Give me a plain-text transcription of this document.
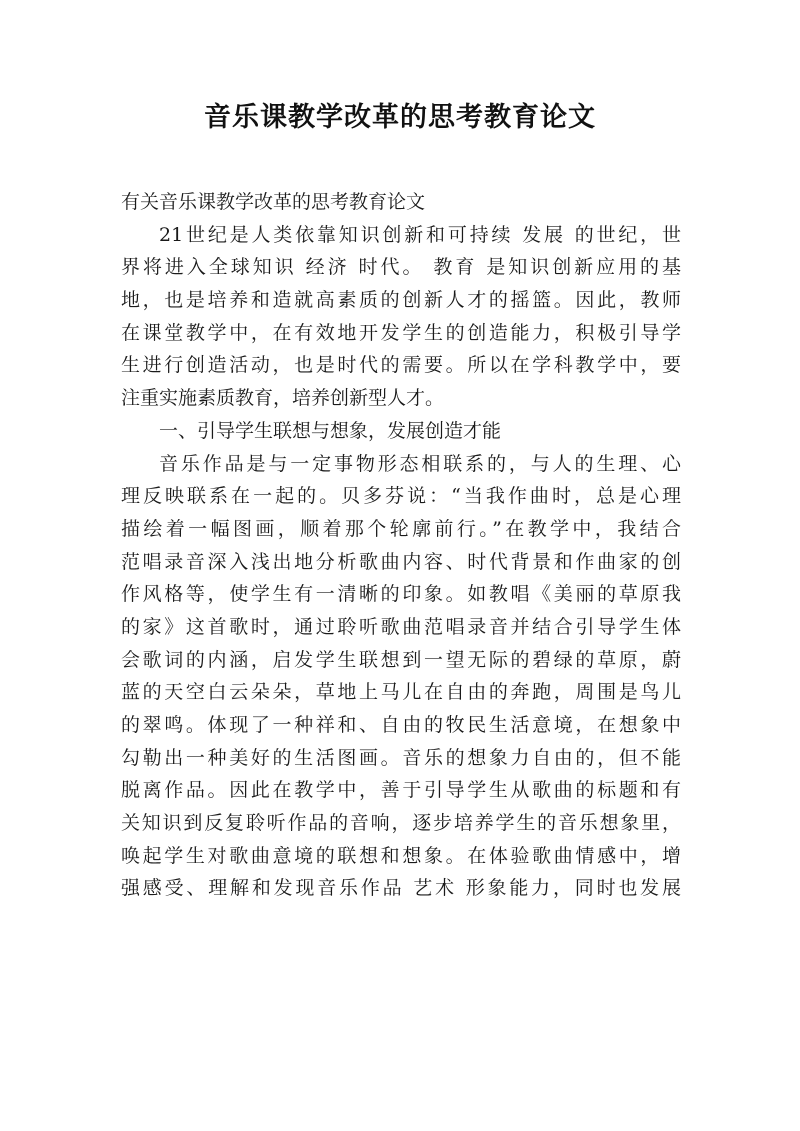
音乐课教学改革的思考教育论文
有关音乐课教学改革的思考教育论文
21世纪是人类依靠知识创新和可持续 发展 的世纪，世
界将进入全球知识 经济 时代。 教育 是知识创新应用的基
地，也是培养和造就高素质的创新人才的摇篮。因此，教师
在课堂教学中，在有效地开发学生的创造能力，积极引导学
生进行创造活动，也是时代的需要。所以在学科教学中，要
注重实施素质教育，培养创新型人才。
一、引导学生联想与想象，发展创造才能
音乐作品是与一定事物形态相联系的，与人的生理、心
理反映联系在一起的。贝多芬说：“当我作曲时，总是心理
描绘着一幅图画，顺着那个轮廓前行。”在教学中，我结合
范唱录音深入浅出地分析歌曲内容、时代背景和作曲家的创
作风格等，使学生有一清晰的印象。如教唱《美丽的草原我
的家》这首歌时，通过聆听歌曲范唱录音并结合引导学生体
会歌词的内涵，启发学生联想到一望无际的碧绿的草原，蔚
蓝的天空白云朵朵，草地上马儿在自由的奔跑，周围是鸟儿
的翠鸣。体现了一种祥和、自由的牧民生活意境，在想象中
勾勒出一种美好的生活图画。音乐的想象力自由的，但不能
脱离作品。因此在教学中，善于引导学生从歌曲的标题和有
关知识到反复聆听作品的音响，逐步培养学生的音乐想象里，
唤起学生对歌曲意境的联想和想象。在体验歌曲情感中，增
强感受、理解和发现音乐作品 艺术 形象能力，同时也发展
